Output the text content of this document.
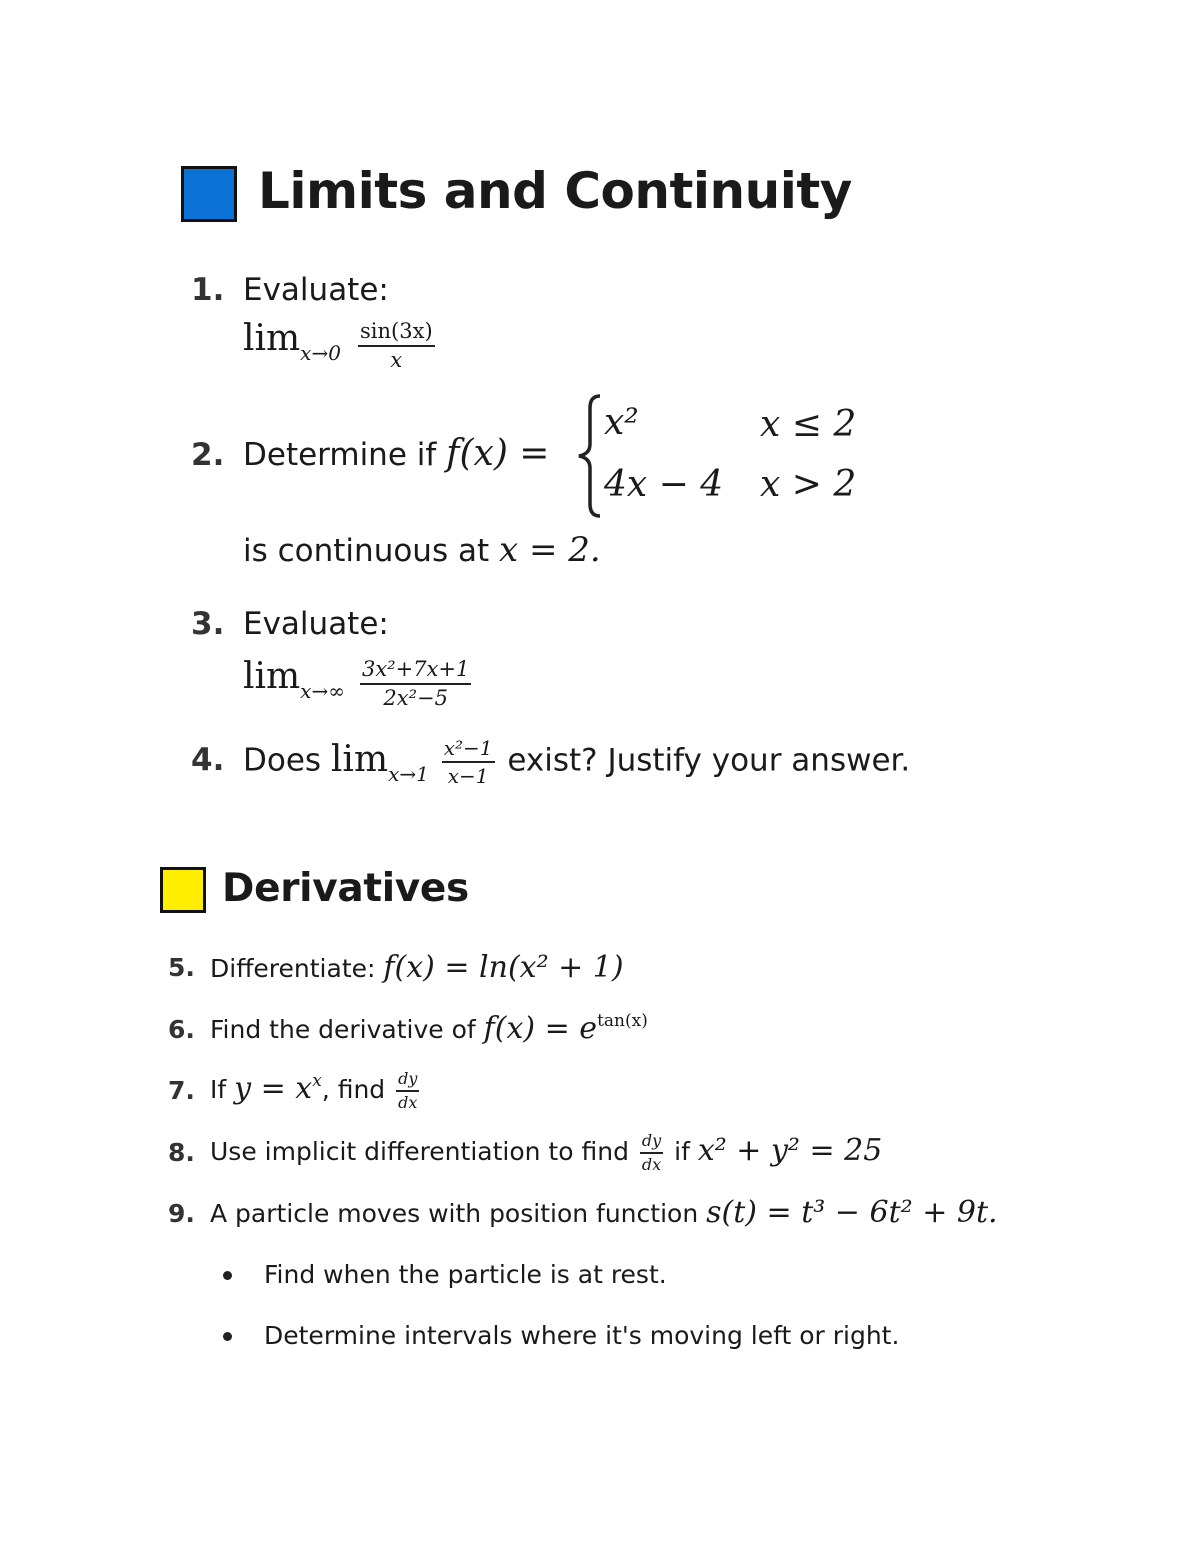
Limits and Continuity
1. Evaluate:
$\lim x\to 0 \frac{\sin(3x)}{x}$
2. Determine if f(x) =
x²	x ≤ 2
4x − 4 x > 2
is continuous at x = 2.
3. Evaluate:
$\lim x\to\infty \frac{\text{3x²+7x+1}}{\text{2x²−5}}$
4. Does $\lim_{x\to 1} \frac{\text{x²−1}}{x-1}$ exist? Justify your answer.
Derivatives
5. Differentiate: f(x) = ln(x² + 1)
6. Find the derivative of $f(x) = e^{tan(x)}$
7. If $y = x^x$, find $\frac{dy}{dx}$
8. Use implicit differentiation to find $\frac{dy}{dx}$ if x² + y² = 25
9. A particle moves with position function s(t) = t³ − 6t² + 9t.
Find when the particle is at rest.
Determine intervals where it's moving left or right.
